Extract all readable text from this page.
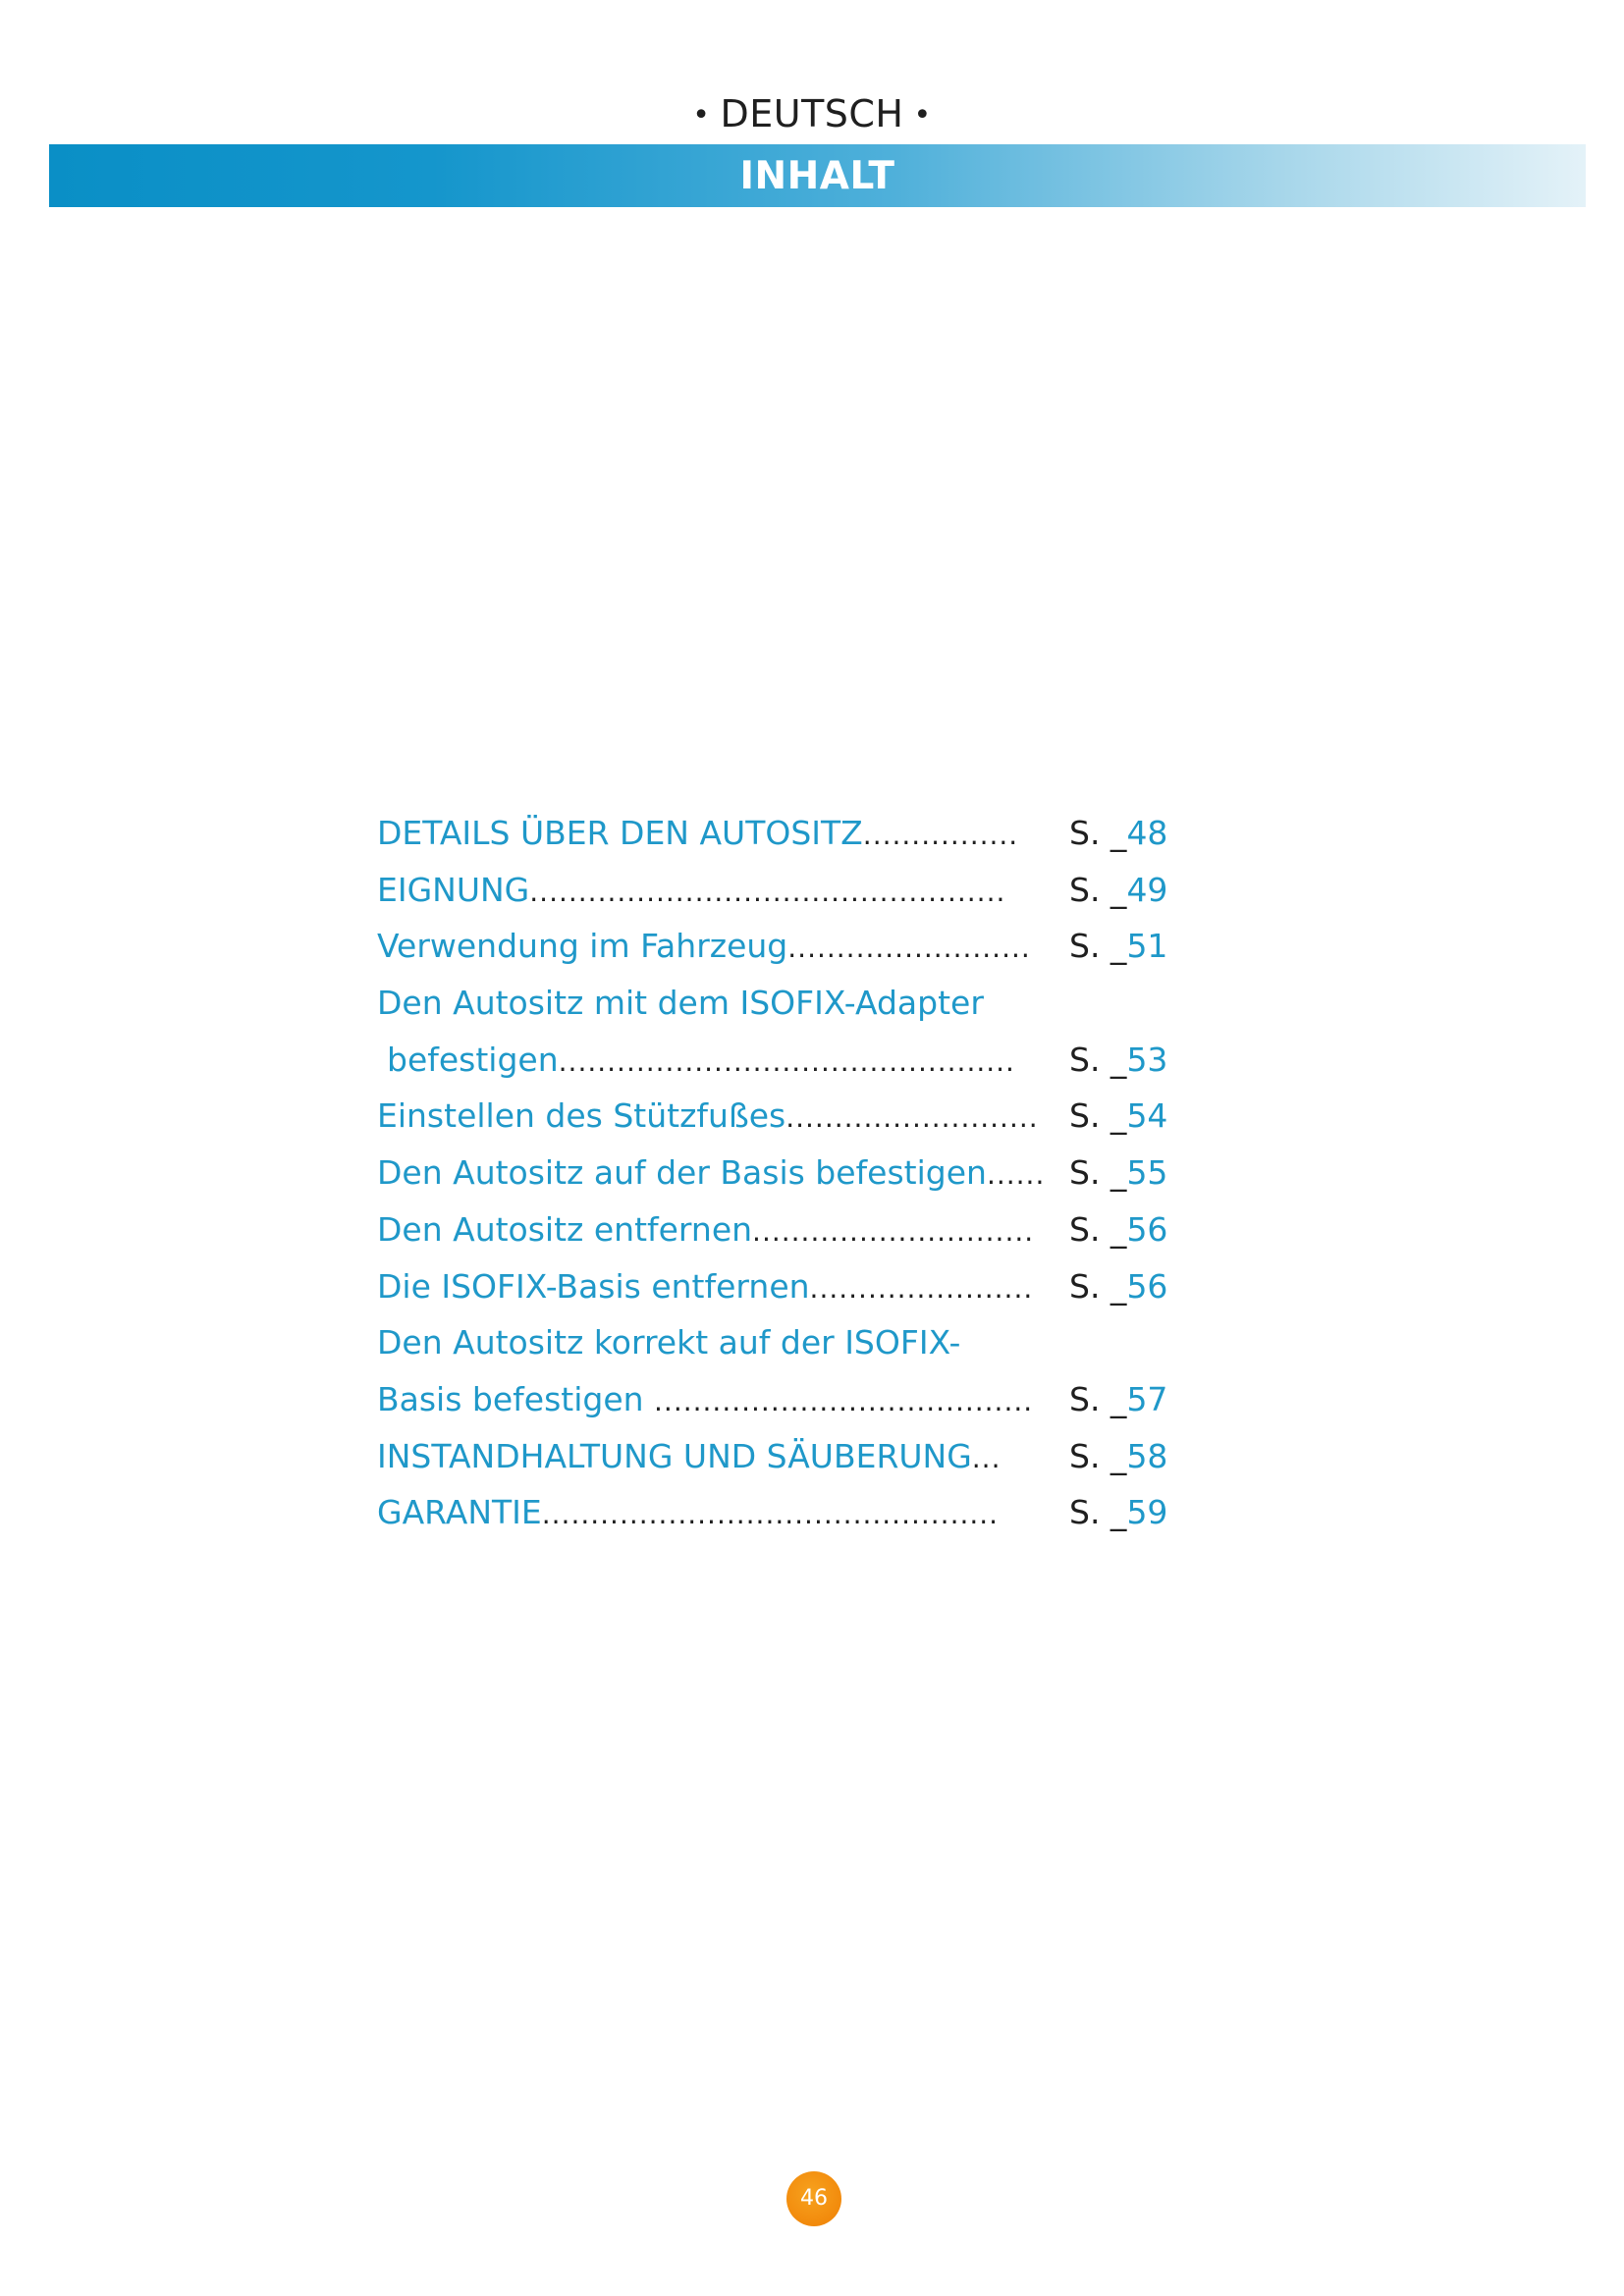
• DEUTSCH •
INHALT
DETAILS ÜBER DEN AUTOSITZ................ S. _48
EIGNUNG.................................................	S. _49
Verwendung im Fahrzeug......................... S. _51
Den Autositz mit dem ISOFIX-Adapter
befestigen............................................... S. _53
Einstellen des Stützfußes.......................... S. _54
Den Autositz auf der Basis befestigen...... S. _55
Den Autositz entfernen............................. S. _56
Die ISOFIX-Basis entfernen....................... S. _56
Den Autositz korrekt auf der ISOFIX-
Basis befestigen ....................................... S. _57
INSTANDHALTUNG UND SÄUBERUNG...	S. _58
GARANTIE...............................................	S. _59
46
